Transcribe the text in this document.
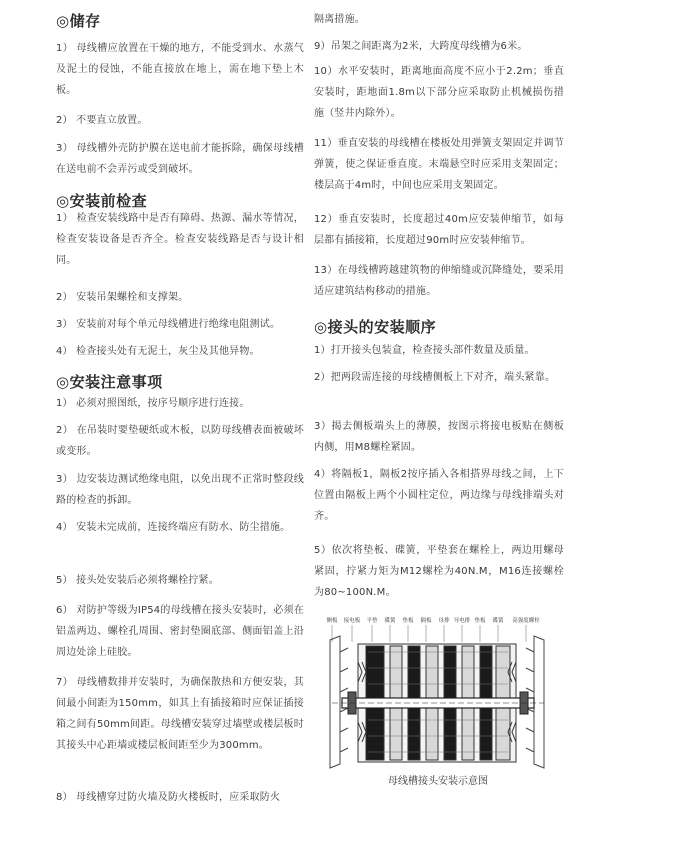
◎储存
1） 母线槽应放置在干燥的地方，不能受到水、水蒸气及泥土的侵蚀，不能直接放在地上，需在地下垫上木板。
2） 不要直立放置。
3） 母线槽外壳防护膜在送电前才能拆除，确保母线槽在送电前不会弄污或受到破坏。
◎安装前检查
1） 检查安装线路中是否有障碍、热源、漏水等情况，检查安装设备是否齐全。检查安装线路是否与设计相同。
2） 安装吊架螺栓和支撑架。
3） 安装前对每个单元母线槽进行绝缘电阻测试。
4） 检查接头处有无泥土，灰尘及其他异物。
◎安装注意事项
1） 必须对照图纸，按序号顺序进行连接。
2） 在吊装时要垫硬纸或木板，以防母线槽表面被破坏或变形。
3） 边安装边测试绝缘电阻，以免出现不正常时整段线路的检查的拆卸。
4） 安装未完成前，连接终端应有防水、防尘措施。
5） 接头处安装后必须将螺栓拧紧。
6） 对防护等级为IP54的母线槽在接头安装时，必须在铝盖两边、螺栓孔周围、密封垫圈底部、侧面铝盖上沿周边处涂上硅胶。
7） 母线槽数排并安装时，为确保散热和方便安装，其间最小间距为150mm，如其上有插接箱时应保证插接箱之间有50mm间距。母线槽安装穿过墙壁或楼层板时其接头中心距墙或楼层板间距至少为300mm。
8） 母线槽穿过防火墙及防火楼板时，应采取防火
隔离措施。
9）吊架之间距离为2米，大跨度母线槽为6米。
10）水平安装时，距离地面高度不应小于2.2m；垂直安装时，距地面1.8m以下部分应采取防止机械损伤措施（竖井内除外）。
11）垂直安装的母线槽在楼板处用弹簧支架固定并调节弹簧，使之保证垂直度。末端悬空时应采用支架固定；楼层高于4m时，中间也应采用支架固定。
12）垂直安装时，长度超过40m应安装伸缩节，如每层都有插接箱，长度超过90m时应安装伸缩节。
13）在母线槽跨越建筑物的伸缩缝或沉降缝处，要采用适应建筑结构移动的措施。
◎接头的安装顺序
1）打开接头包装盒，检查接头部件数量及质量。
2）把两段需连接的母线槽侧板上下对齐，端头紧靠。
3）揭去侧板端头上的薄膜，按图示将接电板贴在侧板内侧，用M8螺栓紧固。
4）将隔板1，隔板2按序插入各相搭界母线之间，上下位置由隔板上两个小圆柱定位，两边缘与母线排端头对齐。
5）依次将垫板、碟簧，平垫套在螺栓上，两边用螺母紧固，拧紧力矩为M12螺栓为40N.M，M16连接螺栓为80~100N.M。
侧板 接电板 平垫 碟簧 垫板 隔板 母排 导电排 垫板 碟簧 高强度螺栓
母线槽接头安装示意图
